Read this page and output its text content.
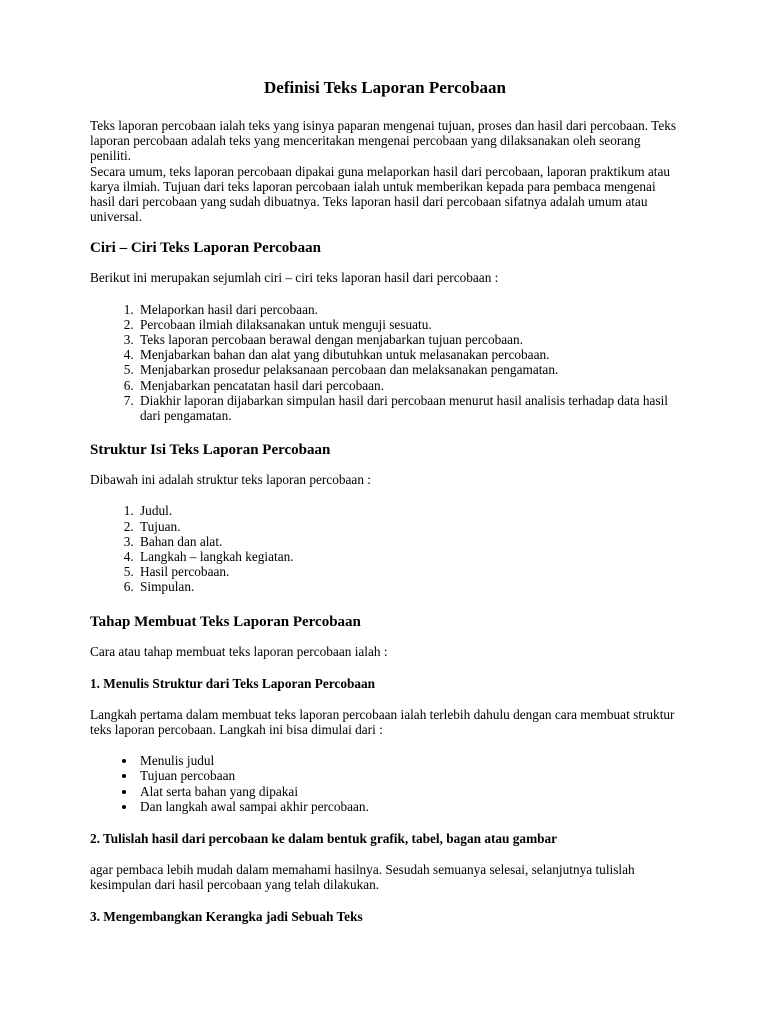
Definisi Teks Laporan Percobaan

Teks laporan percobaan ialah teks yang isinya paparan mengenai tujuan, proses dan hasil dari percobaan. Teks laporan percobaan adalah teks yang menceritakan mengenai percobaan yang dilaksanakan oleh seorang peniliti.

Secara umum, teks laporan percobaan dipakai guna melaporkan hasil dari percobaan, laporan praktikum atau karya ilmiah. Tujuan dari teks laporan percobaan ialah untuk memberikan kepada para pembaca mengenai hasil dari percobaan yang sudah dibuatnya. Teks laporan hasil dari percobaan sifatnya adalah umum atau universal.

Ciri – Ciri Teks Laporan Percobaan

Berikut ini merupakan sejumlah ciri – ciri teks laporan hasil dari percobaan :

1. Melaporkan hasil dari percobaan.
2. Percobaan ilmiah dilaksanakan untuk menguji sesuatu.
3. Teks laporan percobaan berawal dengan menjabarkan tujuan percobaan.
4. Menjabarkan bahan dan alat yang dibutuhkan untuk melasanakan percobaan.
5. Menjabarkan prosedur pelaksanaan percobaan dan melaksanakan pengamatan.
6. Menjabarkan pencatatan hasil dari percobaan.
7. Diakhir laporan dijabarkan simpulan hasil dari percobaan menurut hasil analisis terhadap data hasil dari pengamatan.
Struktur Isi Teks Laporan Percobaan

Dibawah ini adalah struktur teks laporan percobaan :

1. Judul.
2. Tujuan.
3. Bahan dan alat.
4. Langkah – langkah kegiatan.
5. Hasil percobaan.
6. Simpulan.
Tahap Membuat Teks Laporan Percobaan

Cara atau tahap membuat teks laporan percobaan ialah :

1. Menulis Struktur dari Teks Laporan Percobaan

Langkah pertama dalam membuat teks laporan percobaan ialah terlebih dahulu dengan cara membuat struktur teks laporan percobaan. Langkah ini bisa dimulai dari :

• Menulis judul
• Tujuan percobaan
• Alat serta bahan yang dipakai
• Dan langkah awal sampai akhir percobaan.
2. Tulislah hasil dari percobaan ke dalam bentuk grafik, tabel, bagan atau gambar

agar pembaca lebih mudah dalam memahami hasilnya. Sesudah semuanya selesai, selanjutnya tulislah kesimpulan dari hasil percobaan yang telah dilakukan.

3. Mengembangkan Kerangka jadi Sebuah Teks
